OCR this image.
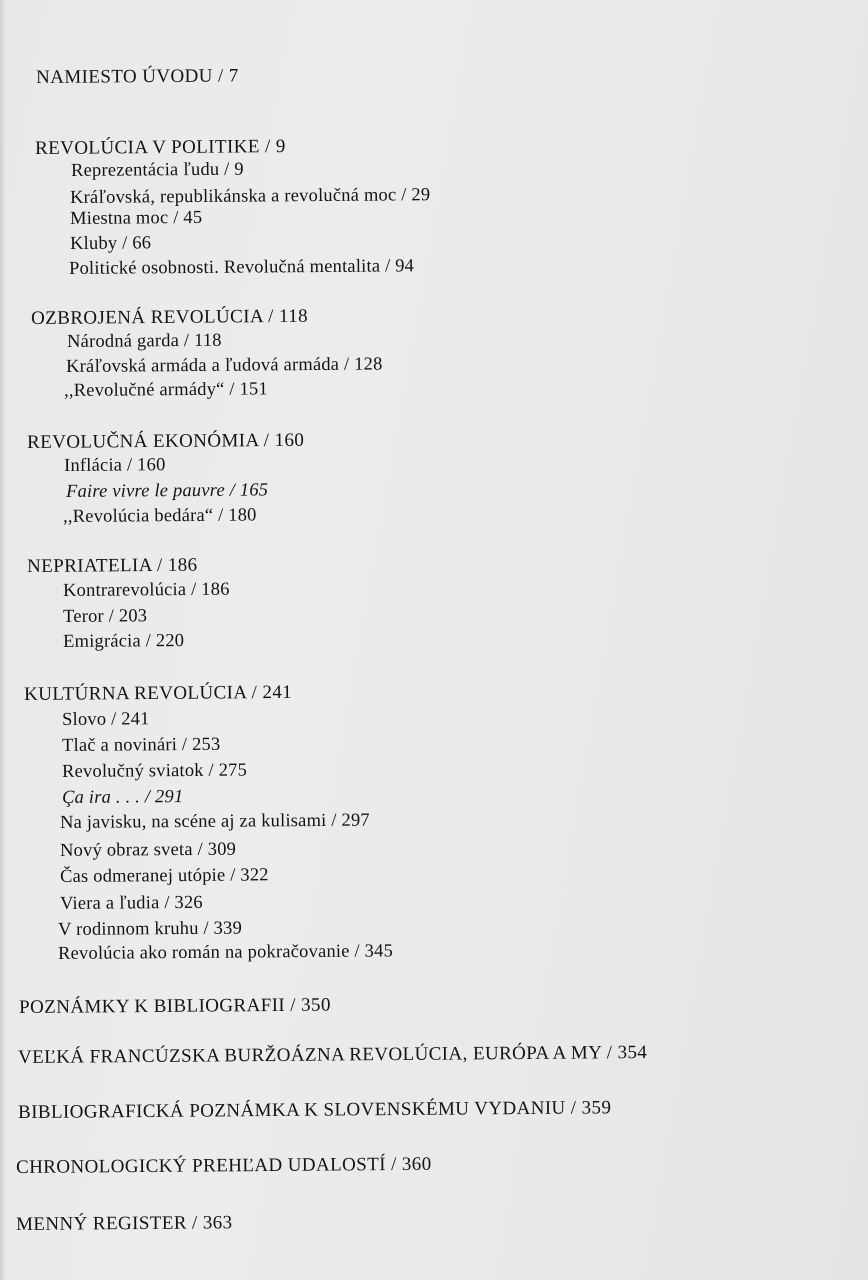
NAMIESTO ÚVODU / 7
REVOLÚCIA V POLITIKE / 9
Reprezentácia ľudu / 9
Kráľovská, republikánska a revolučná moc / 29
Miestna moc / 45
Kluby / 66
Politické osobnosti. Revolučná mentalita / 94
OZBROJENÁ REVOLÚCIA / 118
Národná garda / 118
Kráľovská armáda a ľudová armáda / 128
,,Revolučné armády“ / 151
REVOLUČNÁ EKONÓMIA / 160
Inflácia / 160
Faire vivre le pauvre / 165
,,Revolúcia bedára“ / 180
NEPRIATELIA / 186
Kontrarevolúcia / 186
Teror / 203
Emigrácia / 220
KULTÚRNA REVOLÚCIA / 241
Slovo / 241
Tlač a novinári / 253
Revolučný sviatok / 275
Ça ira . . . / 291
Na javisku, na scéne aj za kulisami / 297
Nový obraz sveta / 309
Čas odmeranej utópie / 322
Viera a ľudia / 326
V rodinnom kruhu / 339
Revolúcia ako román na pokračovanie / 345
POZNÁMKY K BIBLIOGRAFII / 350
VEĽKÁ FRANCÚZSKA BURŽOÁZNA REVOLÚCIA, EURÓPA A MY / 354
BIBLIOGRAFICKÁ POZNÁMKA K SLOVENSKÉMU VYDANIU / 359
CHRONOLOGICKÝ PREHĽAD UDALOSTÍ / 360
MENNÝ REGISTER / 363
